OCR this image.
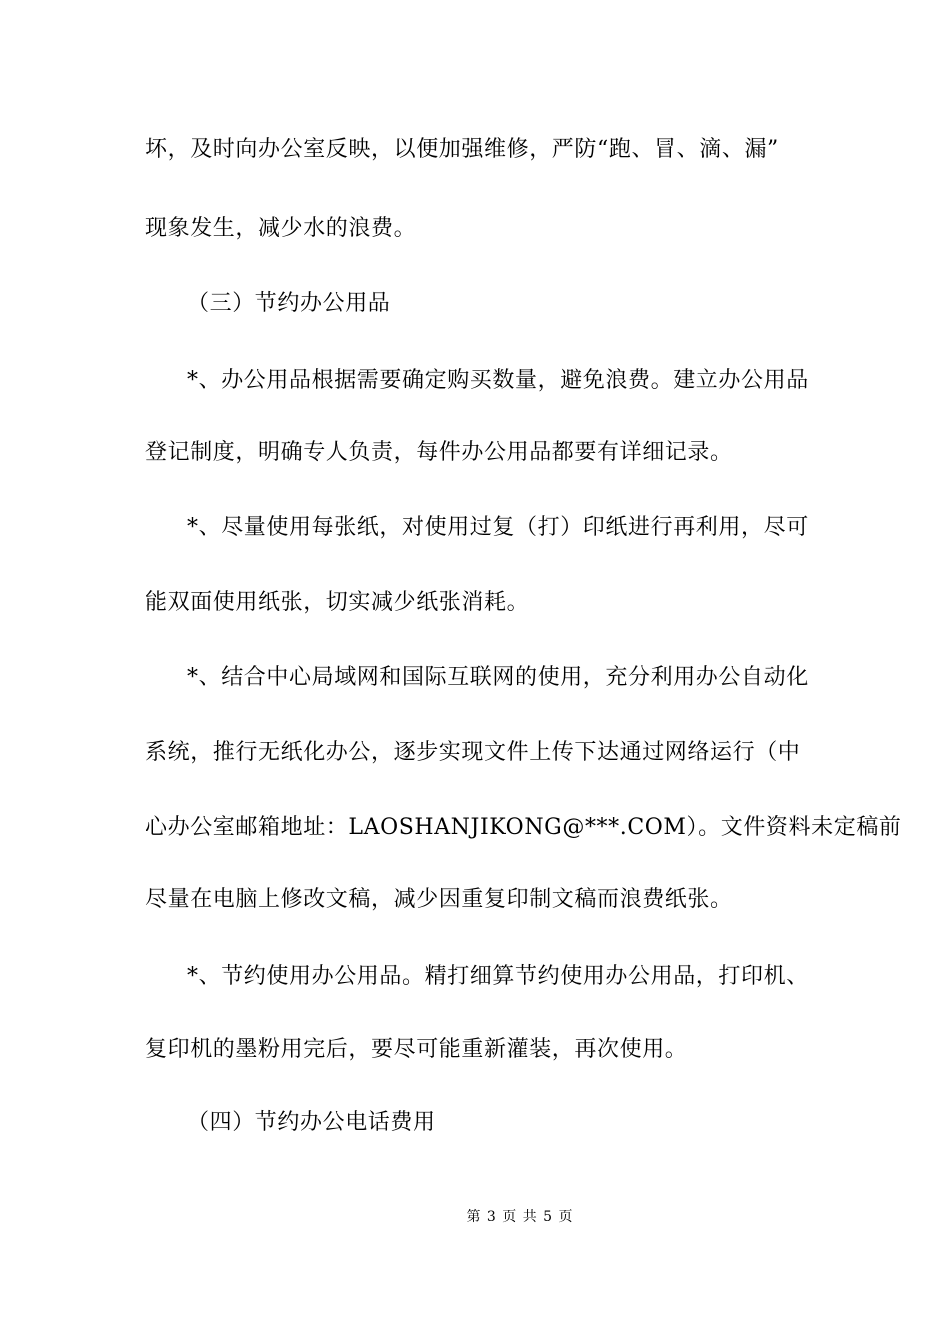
坏，及时向办公室反映，以便加强维修，严防“跑、冒、滴、漏”
现象发生，减少水的浪费。
（三）节约办公用品
*、办公用品根据需要确定购买数量，避免浪费。建立办公用品
登记制度，明确专人负责，每件办公用品都要有详细记录。
*、尽量使用每张纸，对使用过复（打）印纸进行再利用，尽可
能双面使用纸张，切实减少纸张消耗。
*、结合中心局域网和国际互联网的使用，充分利用办公自动化
系统，推行无纸化办公，逐步实现文件上传下达通过网络运行（中
心办公室邮箱地址：LAOSHANJIKONG@***.COM）。文件资料未定稿前
尽量在电脑上修改文稿，减少因重复印制文稿而浪费纸张。
*、节约使用办公用品。精打细算节约使用办公用品，打印机、
复印机的墨粉用完后，要尽可能重新灌装，再次使用。
（四）节约办公电话费用
第 3 页 共 5 页
